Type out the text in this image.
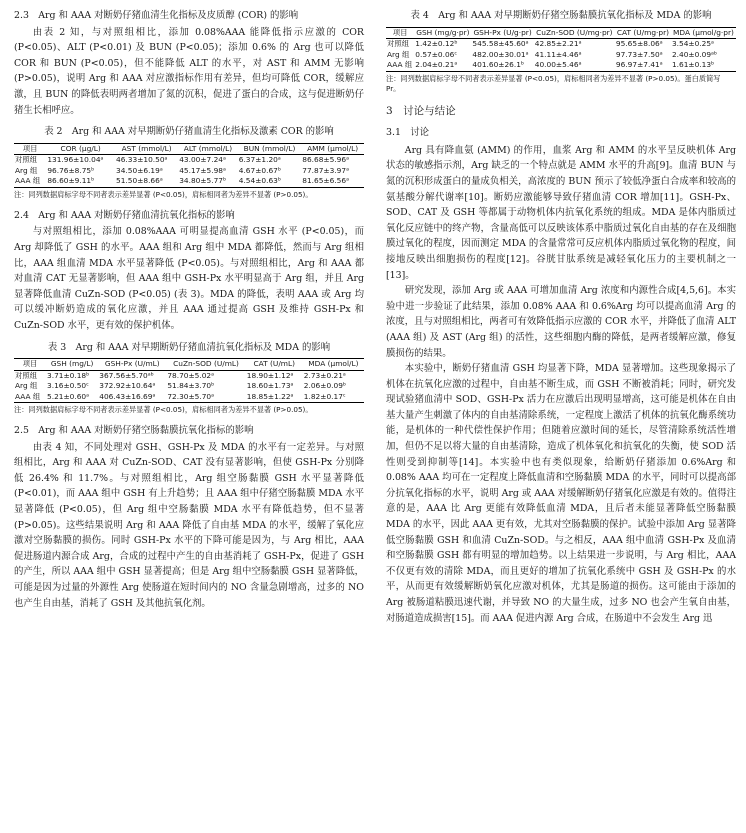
2.3　Arg 和 AAA 对断奶仔猪血清生化指标及皮质醇 (COR) 的影响

由表 2 知，与对照组相比，添加 0.08%AAA 能降低指示应激的 COR (P<0.05)、ALT (P<0.01) 及 BUN (P<0.05)；添加 0.6% 的 Arg 也可以降低 COR 和 BUN (P<0.05)，但不能降低 ALT 的水平，对 AST 和 AMM 无影响 (P>0.05)，说明 Arg 和 AAA 对应激指标作用有差异，但均可降低 COR，缓解应激，且 BUN 的降低表明两者增加了氮的沉积，促进了蛋白的合成，这与促进断奶仔猪生长相呼应。

表 2　Arg 和 AAA 对早期断奶仔猪血清生化指标及激素 COR 的影响
项目	COR (μg/L)	AST (mmol/L)	ALT (mmol/L)	BUN (mmol/L)	AMM (μmol/L)
对照组	131.96±10.04ᵃ	46.33±10.50ᵃ	43.00±7.24ᵃ	6.37±1.20ᵃ	86.68±5.96ᵃ
Arg 组	96.76±8.75ᵇ	34.50±6.19ᵃ	45.17±5.98ᵃ	4.67±0.67ᵇ	77.87±3.97ᵃ
AAA 组	86.60±9.11ᵇ	51.50±8.66ᵃ	34.80±5.77ᵇ	4.54±0.63ᵇ	81.65±6.56ᵃ
注：同列数据肩标字母不同者表示差异显著 (P<0.05)，肩标相同者为差异不显著 (P>0.05)。
2.4　Arg 和 AAA 对断奶仔猪血清抗氧化指标的影响

与对照组相比，添加 0.08%AAA 可明显提高血清 GSH 水平 (P<0.05)，而 Arg 却降低了 GSH 的水平。AAA 组和 Arg 组中 MDA 都降低，然而与 Arg 组相比，AAA 组血清 MDA 水平显著降低 (P<0.05)。与对照组相比，Arg 和 AAA 都对血清 CAT 无显著影响，但 AAA 组中 GSH-Px 水平明显高于 Arg 组，并且 Arg 显著降低血清 CuZn-SOD (P<0.05) (表 3)。MDA 的降低，表明 AAA 或 Arg 均可以缓冲断奶造成的氧化应激，并且 AAA 通过提高 GSH 及维持 GSH-Px 和 CuZn-SOD 水平，更有效的保护机体。

表 3　Arg 和 AAA 对早期断奶仔猪血清抗氧化指标及 MDA 的影响
项目	GSH (mg/L)	GSH-Px (U/mL)	CuZn-SOD (U/mL)	CAT (U/mL)	MDA (μmol/L)
对照组	3.71±0.18ᵇ	367.56±5.70ᵃᵇ	78.70±5.02ᵃ	18.90±1.12ᵃ	2.73±0.21ᵃ
Arg 组	3.16±0.50ᶜ	372.92±10.64ᵃ	51.84±3.70ᵇ	18.60±1.73ᵃ	2.06±0.09ᵇ
AAA 组	5.21±0.60ᵃ	406.43±16.69ᵃ	72.30±5.70ᵃ	18.85±1.22ᵃ	1.82±0.17ᶜ
注：同列数据肩标字母不同者表示差异显著 (P<0.05)，肩标相同者为差异不显著 (P>0.05)。
2.5　Arg 和 AAA 对断奶仔猪空肠黏膜抗氧化指标的影响

由表 4 知，不同处理对 GSH、GSH-Px 及 MDA 的水平有一定差异。与对照组相比，Arg 和 AAA 对 CuZn-SOD、CAT 没有显著影响，但使 GSH-Px 分别降低 26.4% 和 11.7%。与对照组相比，Arg 组空肠黏膜 GSH 水平显著降低 (P<0.01)，而 AAA 组中 GSH 有上升趋势；且 AAA 组中仔猪空肠黏膜 MDA 水平显著降低 (P<0.05)，但 Arg 组中空肠黏膜 MDA 水平有降低趋势，但不显著 (P>0.05)。这些结果说明 Arg 和 AAA 降低了自由基 MDA 的水平，缓解了氧化应激对空肠黏膜的损伤。同时 GSH-Px 水平的下降可能是因为，与 Arg 相比，AAA 促进肠道内源合成 Arg，合成的过程中产生的自由基消耗了 GSH-Px，促进了 GSH 的产生，所以 AAA 组中 GSH 显著提高；但是 Arg 组中空肠黏膜 GSH 显著降低，可能是因为过量的外源性 Arg 使肠道在短时间内的 NO 含量急剧增高，过多的 NO 也产生自由基，消耗了 GSH 及其他抗氧化剂。

表 4　Arg 和 AAA 对早期断奶仔猪空肠黏膜抗氧化指标及 MDA 的影响
项目	GSH (mg/g·pr)	GSH-Px (U/g·pr)	CuZn-SOD (U/mg·pr)	CAT (U/mg·pr)	MDA (μmol/g·pr)
对照组	1.42±0.12ᵇ	545.58±45.60ᵃ	42.85±2.21ᵃ	95.65±8.06ᵃ	3.54±0.25ᵃ
Arg 组	0.57±0.06ᶜ	482.00±30.01ᵃ	41.11±4.46ᵃ	97.73±7.50ᵃ	2.40±0.09ᵃᵇ
AAA 组	2.04±0.21ᵃ	401.60±26.1ᵇ	40.00±5.46ᵃ	96.97±7.41ᵃ	1.61±0.13ᵇ
注：同列数据肩标字母不同者表示差异显著 (P<0.05)，肩标相同者为差异不显著 (P>0.05)。蛋白质简写 Pr。
3　讨论与结论
3.1　讨论

Arg 具有降血氨 (AMM) 的作用，血浆 Arg 和 AMM 的水平呈反映机体 Arg 状态的敏感指示剂，Arg 缺乏的一个特点就是 AMM 水平的升高[9]。血清 BUN 与氮的沉积形成蛋白的量成负相关，高浓度的 BUN 预示了较低净蛋白合成率和较高的氨基酸分解代谢率[10]。断奶应激能够导致仔猪血清 COR 增加[11]。GSH-Px、SOD、CAT 及 GSH 等都属于动物机体内抗氧化系统的组成。MDA 是体内脂质过氧化反应链中的终产物，含量高低可以反映该体系中脂质过氧化自由基的存在及细胞膜过氧化的程度，因而测定 MDA 的含量常常可反应机体内脂质过氧化物的程度，间接地反映出细胞损伤的程度[12]。谷胱甘肽系统是减轻氧化压力的主要机制之一[13]。

研究发现，添加 Arg 或 AAA 可增加血清 Arg 浓度和内源性合成[4,5,6]。本实验中进一步验证了此结果，添加 0.08% AAA 和 0.6%Arg 均可以提高血清 Arg 的浓度，且与对照组相比，两者可有效降低指示应激的 COR 水平，并降低了血清 ALT (AAA 组) 及 AST (Arg 组) 的活性，这些细胞内酶的降低，是两者缓解应激，修复膜损伤的结果。

本实验中，断奶仔猪血清 GSH 均显著下降，MDA 显著增加。这些现象揭示了机体在抗氧化应激的过程中，自由基不断生成，而 GSH 不断被消耗；同时，研究发现试验猪血清中 SOD、GSH-Px 活力在应激后出现明显增高，这可能是机体在自由基大量产生刺激了体内的自由基清除系统，一定程度上激活了机体的抗氧化酶系统功能，是机体的一种代偿性保护作用；但随着应激时间的延长，尽管清除系统活性增加，但仍不足以将大量的自由基清除，造成了机体氧化和抗氧化的失衡，使 SOD 活性则受到抑制等[14]。本实验中也有类似现象，给断奶仔猪添加 0.6%Arg 和 0.08% AAA 均可在一定程度上降低血清和空肠黏膜 MDA 的水平，同时可以提高部分抗氧化指标的水平，说明 Arg 或 AAA 对缓解断奶仔猪氧化应激是有效的。值得注意的是，AAA 比 Arg 更能有效降低血清 MDA，且后者未能显著降低空肠黏膜 MDA 的水平，因此 AAA 更有效，尤其对空肠黏膜的保护。试验中添加 Arg 显著降低空肠黏膜 GSH 和血清 CuZn-SOD。与之相反，AAA 组中血清 GSH-Px 及血清和空肠黏膜 GSH 都有明显的增加趋势。以上结果进一步说明，与 Arg 相比，AAA 不仅更有效的清除 MDA，而且更好的增加了抗氧化系统中 GSH 及 GSH-Px 的水平，从而更有效缓解断奶氧化应激对机体，尤其是肠道的损伤。这可能由于添加的 Arg 被肠道粘膜迅速代谢，并导致 NO 的大量生成，过多 NO 也会产生氧自由基，对肠道造成损害[15]。而 AAA 促进内源 Arg 合成，在肠道中不会发生 Arg 迅
